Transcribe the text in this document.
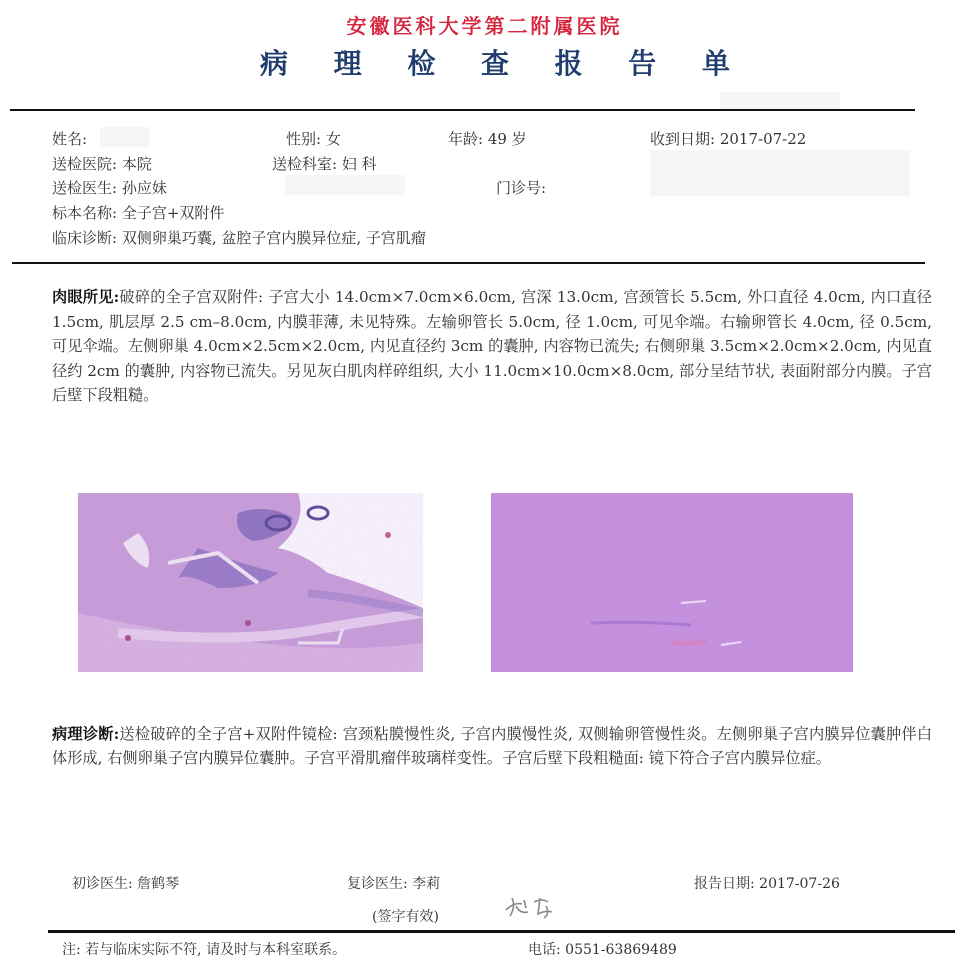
安徽医科大学第二附属医院
病 理 检 查 报 告 单
姓名:	性别: 女	年龄: 49 岁	收到日期: 2017-07-22
送检医院: 本院	送检科室: 妇 科
送检医生: 孙应妹	门诊号:
标本名称: 全子宫+双附件
临床诊断: 双侧卵巢巧囊, 盆腔子宫内膜异位症, 子宫肌瘤
肉眼所见:破碎的全子宫双附件: 子宫大小 14.0cm×7.0cm×6.0cm, 宫深 13.0cm, 宫颈管长 5.5cm, 外口直径 4.0cm, 内口直径 1.5cm, 肌层厚 2.5 cm–8.0cm, 内膜菲薄, 未见特殊。左输卵管长 5.0cm, 径 1.0cm, 可见伞端。右输卵管长 4.0cm, 径 0.5cm, 可见伞端。左侧卵巢 4.0cm×2.5cm×2.0cm, 内见直径约 3cm 的囊肿, 内容物已流失; 右侧卵巢 3.5cm×2.0cm×2.0cm, 内见直径约 2cm 的囊肿, 内容物已流失。另见灰白肌肉样碎组织, 大小 11.0cm×10.0cm×8.0cm, 部分呈结节状, 表面附部分内膜。子宫后壁下段粗糙。
病理诊断:送检破碎的全子宫+双附件镜检: 宫颈粘膜慢性炎, 子宫内膜慢性炎, 双侧输卵管慢性炎。左侧卵巢子宫内膜异位囊肿伴白体形成, 右侧卵巢子宫内膜异位囊肿。子宫平滑肌瘤伴玻璃样变性。子宫后壁下段粗糙面: 镜下符合子宫内膜异位症。
初诊医生: 詹鹤琴	复诊医生: 李莉	报告日期: 2017-07-26
(签字有效)
注: 若与临床实际不符, 请及时与本科室联系。	电话: 0551-63869489
